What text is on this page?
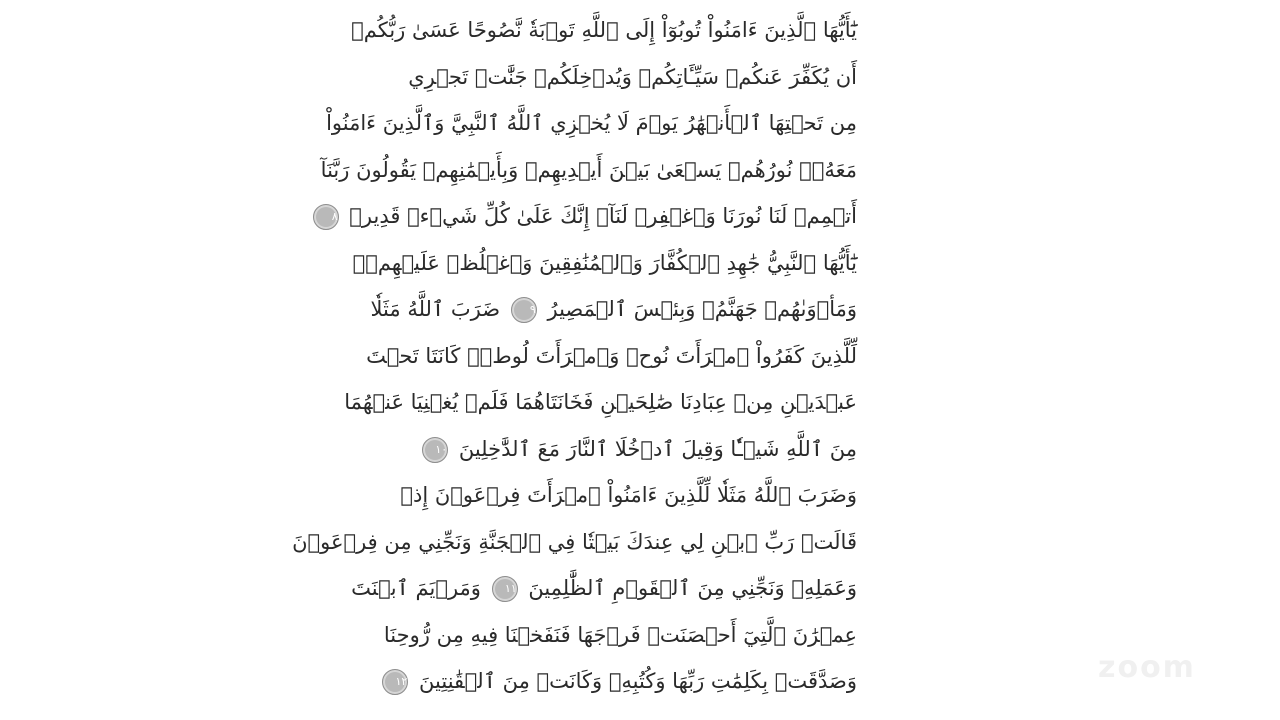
يَٰٓأَيُّهَا ٱلَّذِينَ ءَامَنُواْ تُوبُوٓاْ إِلَى ٱللَّهِ تَوۡبَةٗ نَّصُوحًا عَسَىٰ رَبُّكُمۡ
أَن يُكَفِّرَ عَنكُمۡ سَيِّـَٔاتِكُمۡ وَيُدۡخِلَكُمۡ جَنَّٰتٖ تَجۡرِي
مِن تَحۡتِهَا ٱلۡأَنۡهَٰرُ يَوۡمَ لَا يُخۡزِي ٱللَّهُ ٱلنَّبِيَّ وَٱلَّذِينَ ءَامَنُواْ
مَعَهُۥۖ نُورُهُمۡ يَسۡعَىٰ بَيۡنَ أَيۡدِيهِمۡ وَبِأَيۡمَٰنِهِمۡ يَقُولُونَ رَبَّنَآ
أَتۡمِمۡ لَنَا نُورَنَا وَٱغۡفِرۡ لَنَآۖ إِنَّكَ عَلَىٰ كُلِّ شَيۡءٖ قَدِيرٞ ٨
يَٰٓأَيُّهَا ٱلنَّبِيُّ جَٰهِدِ ٱلۡكُفَّارَ وَٱلۡمُنَٰفِقِينَ وَٱغۡلُظۡ عَلَيۡهِمۡۚ
وَمَأۡوَىٰهُمۡ جَهَنَّمُۖ وَبِئۡسَ ٱلۡمَصِيرُ ٩ ضَرَبَ ٱللَّهُ مَثَلٗا
لِّلَّذِينَ كَفَرُواْ ٱمۡرَأَتَ نُوحٖ وَٱمۡرَأَتَ لُوطٖۖ كَانَتَا تَحۡتَ
عَبۡدَيۡنِ مِنۡ عِبَادِنَا صَٰلِحَيۡنِ فَخَانَتَاهُمَا فَلَمۡ يُغۡنِيَا عَنۡهُمَا
مِنَ ٱللَّهِ شَيۡـٔٗا وَقِيلَ ٱدۡخُلَا ٱلنَّارَ مَعَ ٱلدَّٰخِلِينَ ١٠
وَضَرَبَ ٱللَّهُ مَثَلٗا لِّلَّذِينَ ءَامَنُواْ ٱمۡرَأَتَ فِرۡعَوۡنَ إِذۡ
قَالَتۡ رَبِّ ٱبۡنِ لِي عِندَكَ بَيۡتٗا فِي ٱلۡجَنَّةِ وَنَجِّنِي مِن فِرۡعَوۡنَ
وَعَمَلِهِۦ وَنَجِّنِي مِنَ ٱلۡقَوۡمِ ٱلظَّٰلِمِينَ ١١ وَمَرۡيَمَ ٱبۡنَتَ
عِمۡرَٰنَ ٱلَّتِيٓ أَحۡصَنَتۡ فَرۡجَهَا فَنَفَخۡنَا فِيهِ مِن رُّوحِنَا
وَصَدَّقَتۡ بِكَلِمَٰتِ رَبِّهَا وَكُتُبِهِۦ وَكَانَتۡ مِنَ ٱلۡقَٰنِتِينَ ١٢	zoom
